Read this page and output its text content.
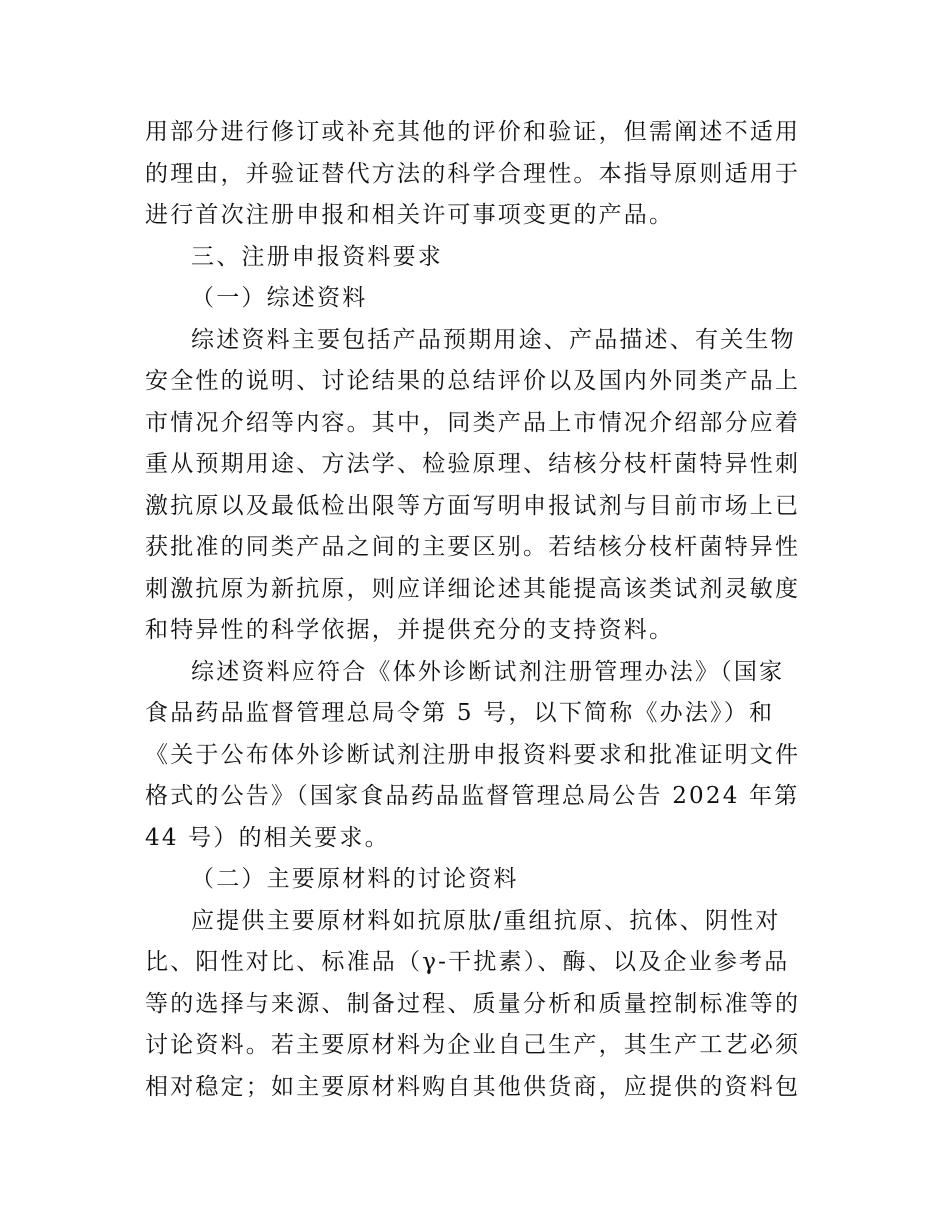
用部分进行修订或补充其他的评价和验证，但需阐述不适用
的理由，并验证替代方法的科学合理性。本指导原则适用于
进行首次注册申报和相关许可事项变更的产品。
三、注册申报资料要求
（一）综述资料
综述资料主要包括产品预期用途、产品描述、有关生物
安全性的说明、讨论结果的总结评价以及国内外同类产品上
市情况介绍等内容。其中，同类产品上市情况介绍部分应着
重从预期用途、方法学、检验原理、结核分枝杆菌特异性刺
激抗原以及最低检出限等方面写明申报试剂与目前市场上已
获批准的同类产品之间的主要区别。若结核分枝杆菌特异性
刺激抗原为新抗原，则应详细论述其能提高该类试剂灵敏度
和特异性的科学依据，并提供充分的支持资料。
综述资料应符合《体外诊断试剂注册管理办法》（国家
食品药品监督管理总局令第 5 号，以下简称《办法》）和
《关于公布体外诊断试剂注册申报资料要求和批准证明文件
格式的公告》（国家食品药品监督管理总局公告 2024 年第
44 号）的相关要求。
（二）主要原材料的讨论资料
应提供主要原材料如抗原肽/重组抗原、抗体、阴性对
比、阳性对比、标准品（γ-干扰素）、酶、以及企业参考品
等的选择与来源、制备过程、质量分析和质量控制标准等的
讨论资料。若主要原材料为企业自己生产，其生产工艺必须
相对稳定；如主要原材料购自其他供货商，应提供的资料包
